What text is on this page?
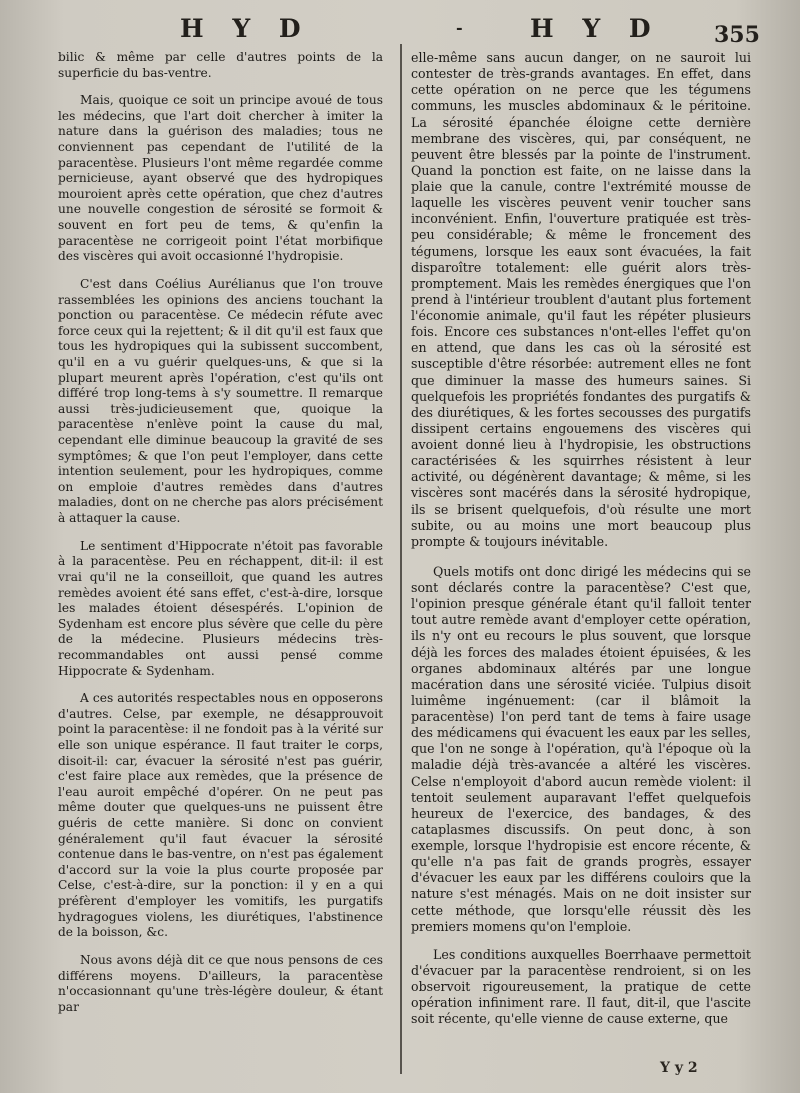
H Y D	-	H Y D 355

bilic & même par celle d'autres points de la superficie du bas-ventre.

Mais, quoique ce soit un principe avoué de tous les médecins, que l'art doit chercher à imiter la nature dans la guérison des maladies; tous ne conviennent pas cependant de l'utilité de la paracentèse. Plusieurs l'ont même regardée comme pernicieuse, ayant observé que des hydropiques mouroient après cette opération, que chez d'autres une nouvelle congestion de sérosité se formoit & souvent en fort peu de tems, & qu'enfin la paracentèse ne corrigeoit point l'état morbifique des viscères qui avoit occasionné l'hydropisie.

C'est dans Coélius Aurélianus que l'on trouve rassemblées les opinions des anciens touchant la ponction ou paracentèse. Ce médecin réfute avec force ceux qui la rejettent; & il dit qu'il est faux que tous les hydropiques qui la subissent succombent, qu'il en a vu guérir quelques-uns, & que si la plupart meurent après l'opération, c'est qu'ils ont différé trop long-tems à s'y soumettre. Il remarque aussi très-judicieusement que, quoique la paracentèse n'enlève point la cause du mal, cependant elle diminue beaucoup la gravité de ses symptômes; & que l'on peut l'employer, dans cette intention seulement, pour les hydropiques, comme on emploie d'autres remèdes dans d'autres maladies, dont on ne cherche pas alors précisément à attaquer la cause.

Le sentiment d'Hippocrate n'étoit pas favorable à la paracentèse. Peu en réchappent, dit-il: il est vrai qu'il ne la conseilloit, que quand les autres remèdes avoient été sans effet, c'est-à-dire, lorsque les malades étoient désespérés. L'opinion de Sydenham est encore plus sévère que celle du père de la médecine. Plusieurs médecins très-recommandables ont aussi pensé comme Hippocrate & Sydenham.

A ces autorités respectables nous en opposerons d'autres. Celse, par exemple, ne désapprouvoit point la paracentèse: il ne fondoit pas à la vérité sur elle son unique espérance. Il faut traiter le corps, disoit-il: car, évacuer la sérosité n'est pas guérir, c'est faire place aux remèdes, que la présence de l'eau auroit empêché d'opérer. On ne peut pas même douter que quelques-uns ne puissent être guéris de cette manière. Si donc on convient généralement qu'il faut évacuer la sérosité contenue dans le bas-ventre, on n'est pas également d'accord sur la voie la plus courte proposée par Celse, c'est-à-dire, sur la ponction: il y en a qui préfèrent d'employer les vomitifs, les purgatifs hydragogues violens, les diurétiques, l'abstinence de la boisson, &c.

Nous avons déjà dit ce que nous pensons de ces différens moyens. D'ailleurs, la paracentèse n'occasionnant qu'une très-légère douleur, & étant par

elle-même sans aucun danger, on ne sauroit lui contester de très-grands avantages. En effet, dans cette opération on ne perce que les tégumens communs, les muscles abdominaux & le péritoine. La sérosité épanchée éloigne cette dernière membrane des viscères, qui, par conséquent, ne peuvent être blessés par la pointe de l'instrument. Quand la ponction est faite, on ne laisse dans la plaie que la canule, contre l'extrémité mousse de laquelle les viscères peuvent venir toucher sans inconvénient. Enfin, l'ouverture pratiquée est très-peu considérable; & même le froncement des tégumens, lorsque les eaux sont évacuées, la fait disparoître totalement: elle guérit alors très-promptement. Mais les remèdes énergiques que l'on prend à l'intérieur troublent d'autant plus fortement l'économie animale, qu'il faut les répéter plusieurs fois. Encore ces substances n'ont-elles l'effet qu'on en attend, que dans les cas où la sérosité est susceptible d'être résorbée: autrement elles ne font que diminuer la masse des humeurs saines. Si quelquefois les propriétés fondantes des purgatifs & des diurétiques, & les fortes secousses des purgatifs dissipent certains engouemens des viscères qui avoient donné lieu à l'hydropisie, les obstructions caractérisées & les squirrhes résistent à leur activité, ou dégénèrent davantage; & même, si les viscères sont macérés dans la sérosité hydropique, ils se brisent quelquefois, d'où résulte une mort subite, ou au moins une mort beaucoup plus prompte & toujours inévitable.

Quels motifs ont donc dirigé les médecins qui se sont déclarés contre la paracentèse? C'est que, l'opinion presque générale étant qu'il falloit tenter tout autre remède avant d'employer cette opération, ils n'y ont eu recours le plus souvent, que lorsque déjà les forces des malades étoient épuisées, & les organes abdominaux altérés par une longue macération dans une sérosité viciée. Tulpius disoit luimême ingénuement: (car il blâmoit la paracentèse) l'on perd tant de tems à faire usage des médicamens qui évacuent les eaux par les selles, que l'on ne songe à l'opération, qu'à l'époque où la maladie déjà très-avancée a altéré les viscères. Celse n'employoit d'abord aucun remède violent: il tentoit seulement auparavant l'effet quelquefois heureux de l'exercice, des bandages, & des cataplasmes discussifs. On peut donc, à son exemple, lorsque l'hydropisie est encore récente, & qu'elle n'a pas fait de grands progrès, essayer d'évacuer les eaux par les différens couloirs que la nature s'est ménagés. Mais on ne doit insister sur cette méthode, que lorsqu'elle réussit dès les premiers momens qu'on l'emploie.

Les conditions auxquelles Boerrhaave permettoit d'évacuer par la paracentèse rendroient, si on les observoit rigoureusement, la pratique de cette opération infiniment rare. Il faut, dit-il, que l'ascite soit récente, qu'elle vienne de cause externe, que

Y y 2
